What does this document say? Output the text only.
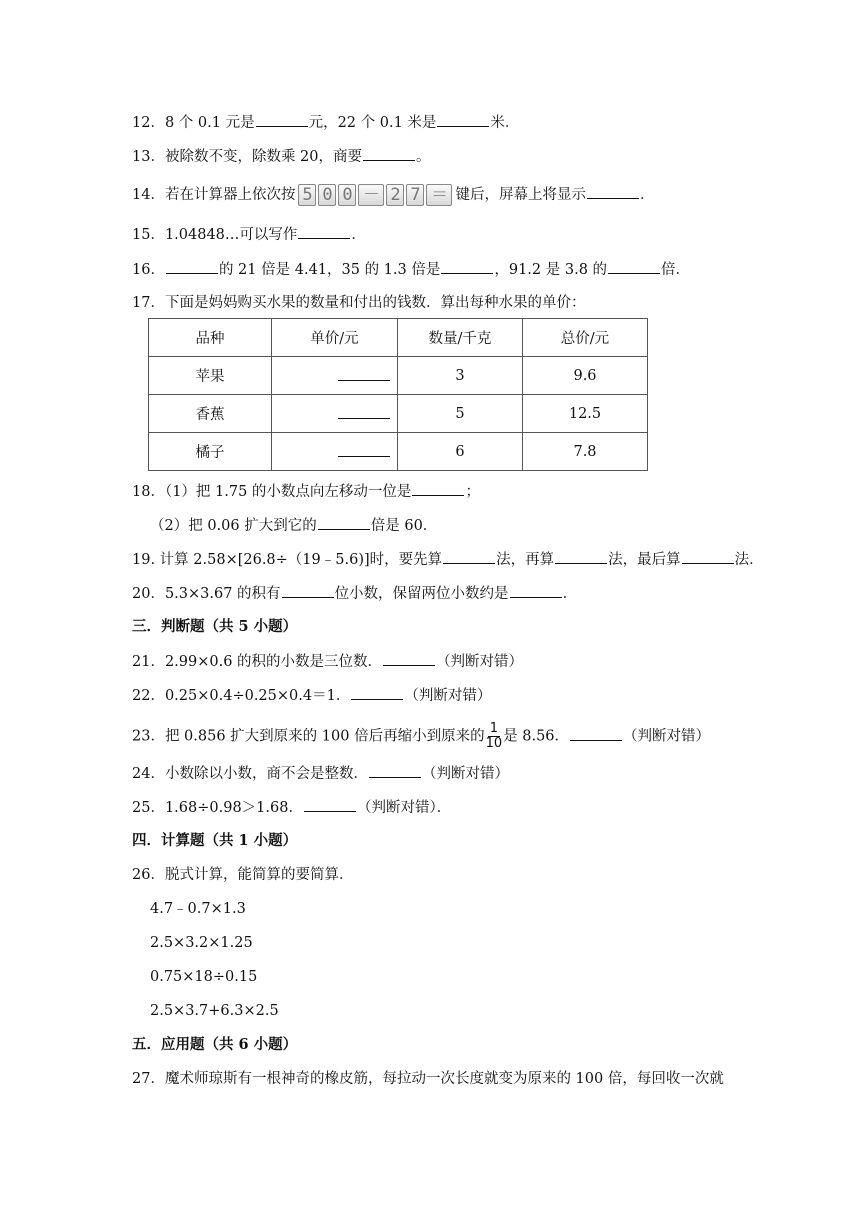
12．8 个 0.1 元是	元，22 个 0.1 米是	米．
13．被除数不变，除数乘 20，商要	。
14．若在计算器上依次按 5 0 0 － 2 7 ＝ 键后，屏幕上将显示	．
15．1.04848…可以写作	．
16．	的 21 倍是 4.41，35 的 1.3 倍是	，91.2 是 3.8 的	倍．
17．下面是妈妈购买水果的数量和付出的钱数．算出每种水果的单价：
品种	单价/元	数量/千克	总价/元
苹果		3	9.6
香蕉		5	12.5
橘子		6	7.8
18．（1）把 1.75 的小数点向左移动一位是	；
（2）把 0.06 扩大到它的	倍是 60．
19. 计算 2.58×[26.8÷（19﹣5.6)]时，要先算	法，再算	法，最后算	法．
20．5.3×3.67 的积有	位小数，保留两位小数约是	．
三．判断题（共 5 小题）
21．2.99×0.6 的积的小数是三位数．	（判断对错）
22．0.25×0.4÷0.25×0.4＝1．	（判断对错）
23．把 0.856 扩大到原来的 100 倍后再缩小到原来的 $\frac{1}{10}$ 是 8.56．	（判断对错）
24．小数除以小数，商不会是整数．	（判断对错）
25．1.68÷0.98＞1.68．	（判断对错）．
四．计算题（共 1 小题）
26．脱式计算，能简算的要简算．
4.7﹣0.7×1.3
2.5×3.2×1.25
0.75×18÷0.15
2.5×3.7+6.3×2.5
五．应用题（共 6 小题）
27．魔术师琼斯有一根神奇的橡皮筋，每拉动一次长度就变为原来的 100 倍，每回收一次就
